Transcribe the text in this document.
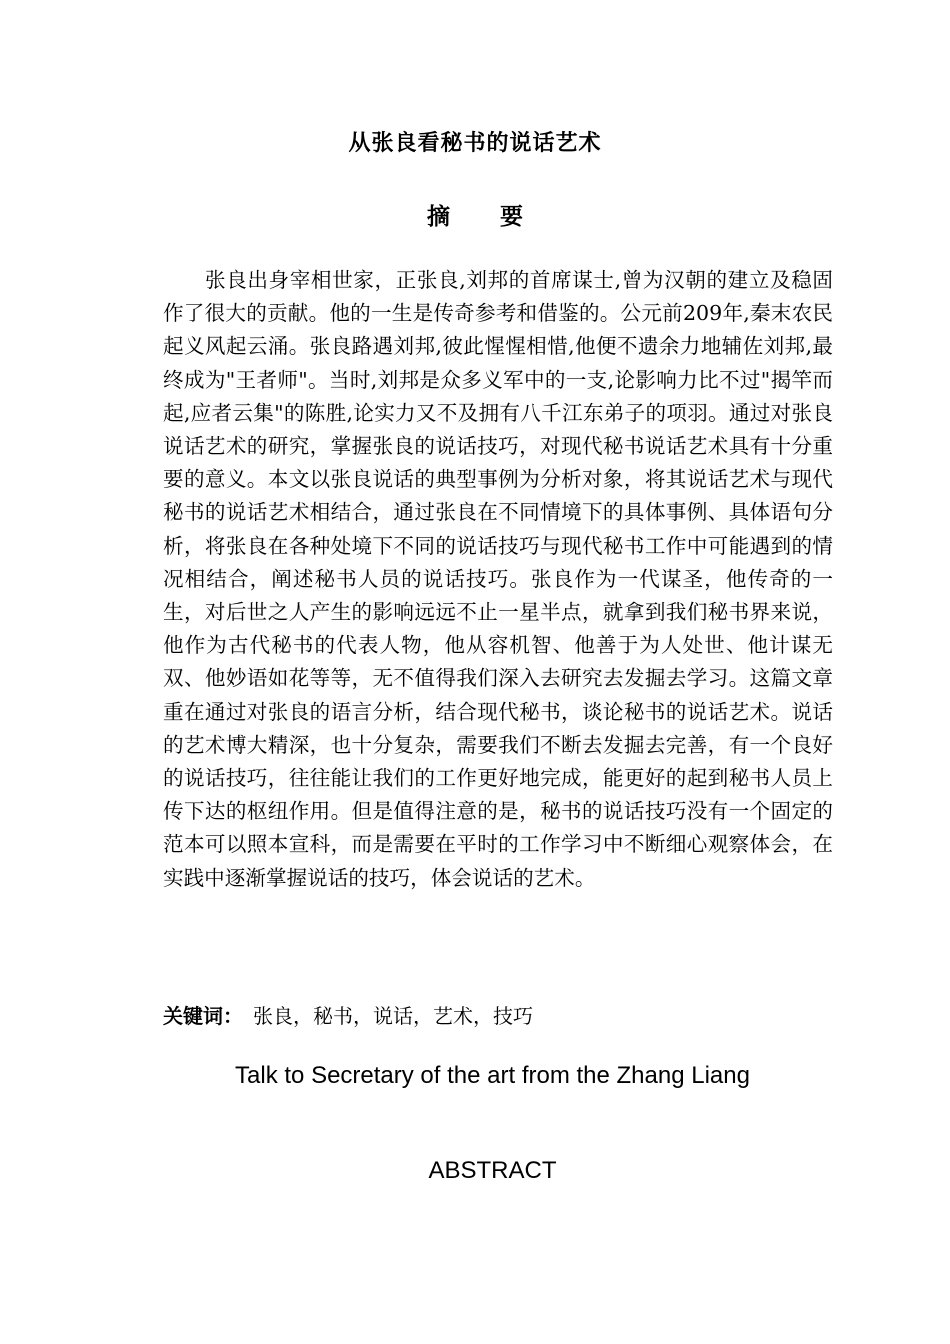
从张良看秘书的说话艺术
摘 要

张良出身宰相世家，正张良,刘邦的首席谋士,曾为汉朝的建立及稳固作了很大的贡献。他的一生是传奇参考和借鉴的。公元前209年,秦末农民起义风起云涌。张良路遇刘邦,彼此惺惺相惜,他便不遗余力地辅佐刘邦,最终成为"王者师"。当时,刘邦是众多义军中的一支,论影响力比不过"揭竿而起,应者云集"的陈胜,论实力又不及拥有八千江东弟子的项羽。通过对张良说话艺术的研究，掌握张良的说话技巧，对现代秘书说话艺术具有十分重要的意义。本文以张良说话的典型事例为分析对象，将其说话艺术与现代秘书的说话艺术相结合，通过张良在不同情境下的具体事例、具体语句分析，将张良在各种处境下不同的说话技巧与现代秘书工作中可能遇到的情况相结合，阐述秘书人员的说话技巧。张良作为一代谋圣，他传奇的一生，对后世之人产生的影响远远不止一星半点，就拿到我们秘书界来说，他作为古代秘书的代表人物，他从容机智、他善于为人处世、他计谋无双、他妙语如花等等，无不值得我们深入去研究去发掘去学习。这篇文章重在通过对张良的语言分析，结合现代秘书，谈论秘书的说话艺术。说话的艺术博大精深，也十分复杂，需要我们不断去发掘去完善，有一个良好的说话技巧，往往能让我们的工作更好地完成，能更好的起到秘书人员上传下达的枢纽作用。但是值得注意的是，秘书的说话技巧没有一个固定的范本可以照本宣科，而是需要在平时的工作学习中不断细心观察体会，在实践中逐渐掌握说话的技巧，体会说话的艺术。

关键词： 张良，秘书，说话，艺术，技巧
Talk to Secretary of the art from the Zhang Liang
ABSTRACT
